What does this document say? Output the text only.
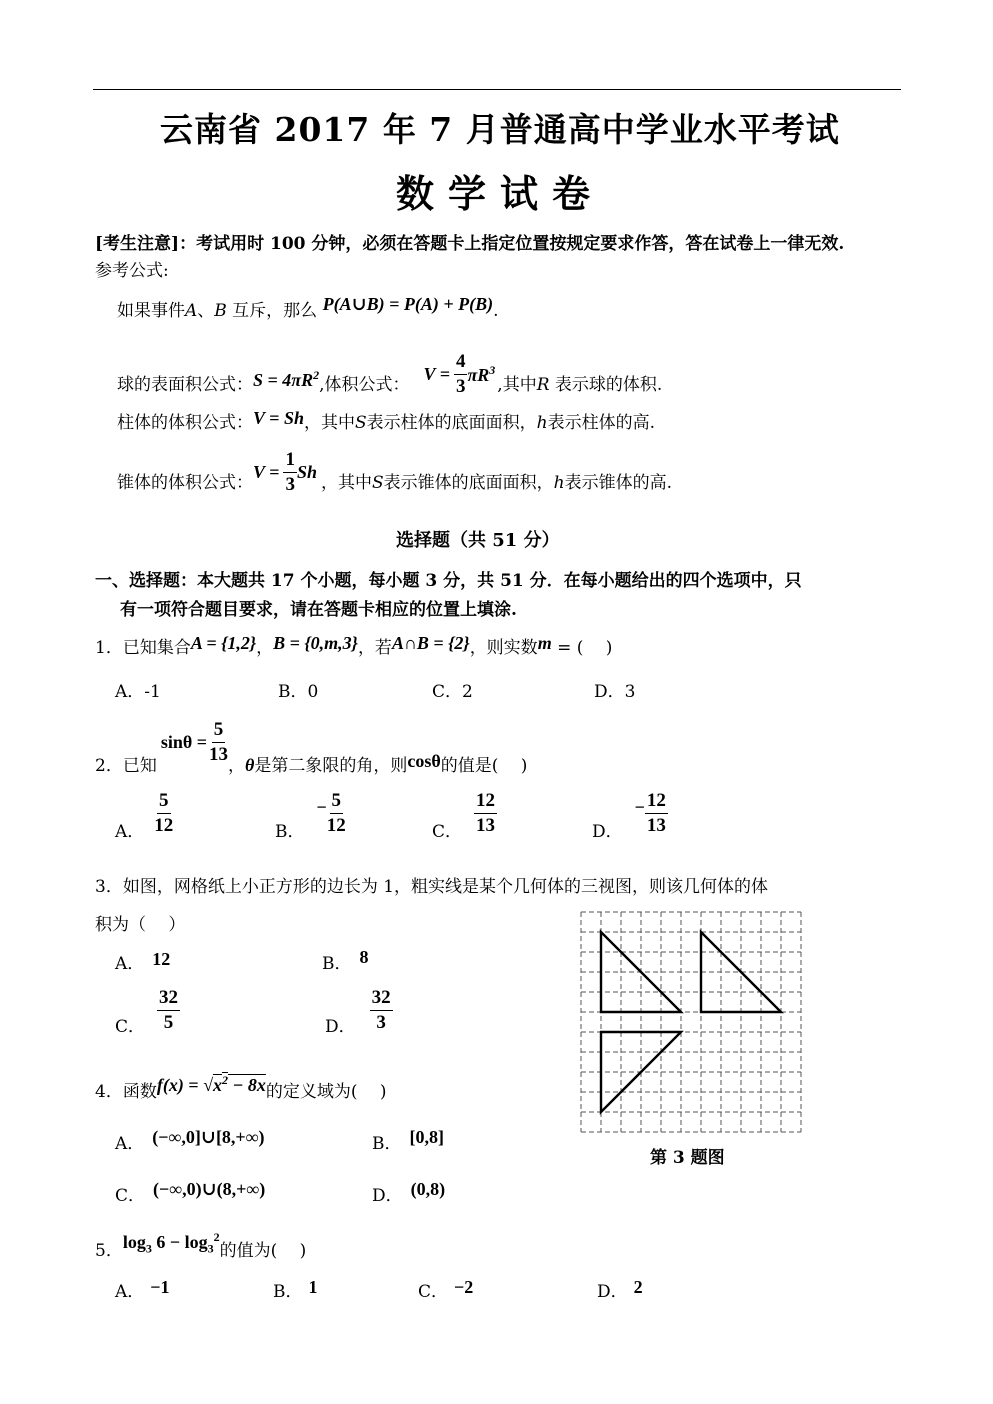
云南省 2017 年 7 月普通高中学业水平考试
数学试卷
[考生注意]：考试用时 100 分钟，必须在答题卡上指定位置按规定要求作答，答在试卷上一律无效.
参考公式:
如果事件A、B 互斥，那么 P(A∪B) = P(A) + P(B).
球的表面积公式： $S = 4\pi R^2$ ,体积公式：
$V = \frac{4}{3} \pi R^3$
,其中R 表示球的体积.
柱体的体积公式：V = Sh，其中S表示柱体的底面面积，h表示柱体的高.
锥体的体积公式：
$V = \frac{1}{3}$ Sh
，其中S表示锥体的底面面积，h表示锥体的高.
选择题（共 51 分）
一、选择题：本大题共 17 个小题，每小题 3 分，共 51 分．在每小题给出的四个选项中，只
有一项符合题目要求，请在答题卡相应的位置上填涂.
1．已知集合A = {1,2}，B = {0,m,3}，若A∩B = {2}，则实数m = (　 )
A．-1	B．0	C．2	D．3
2．已知
$\sin\theta = \frac{5}{13}$
，θ是第二象限的角，则cosθ的值是(　 )
A． $\frac{5}{12}$	B．
− $\frac{5}{12}$	C． $\frac{12}{13}$	D．
− $\frac{12}{13}$
3．如图，网格纸上小正方形的边长为 1，粗实线是某个几何体的三视图，则该几何体的体
积为（　 ）
A． 12	B． 8
C． $\frac{32}{5}$	D． $\frac{32}{3}$
第 3 题图
4．函数$f(x) = √x^2 - 8x$的定义域为(　 )
A． (−∞,0]∪[8,+∞)	B． [0,8]
C． (−∞,0)∪(8,+∞)	D． (0,8)
5．$\log_3 6 - \log_3^2$的值为(　 )
A． −1	B． 1	C． −2	D． 2
